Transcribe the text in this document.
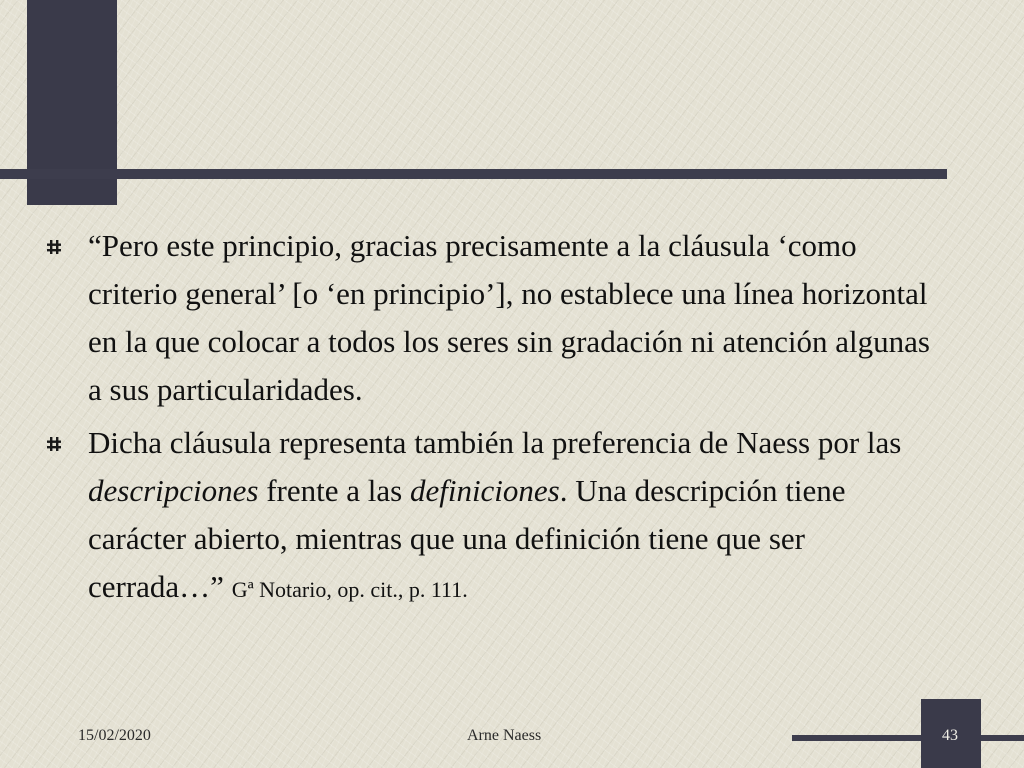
“Pero este principio, gracias precisamente a la cláusula ‘como criterio general’ [o ‘en principio’], no establece una línea horizontal en la que colocar a todos los seres sin gradación ni atención algunas a sus particularidades.
Dicha cláusula representa también la preferencia de Naess por las descripciones frente a las definiciones. Una descripción tiene carácter abierto, mientras que una definición tiene que ser cerrada…” Gª Notario, op. cit., p. 111.
15/02/2020	Arne Naess	43
